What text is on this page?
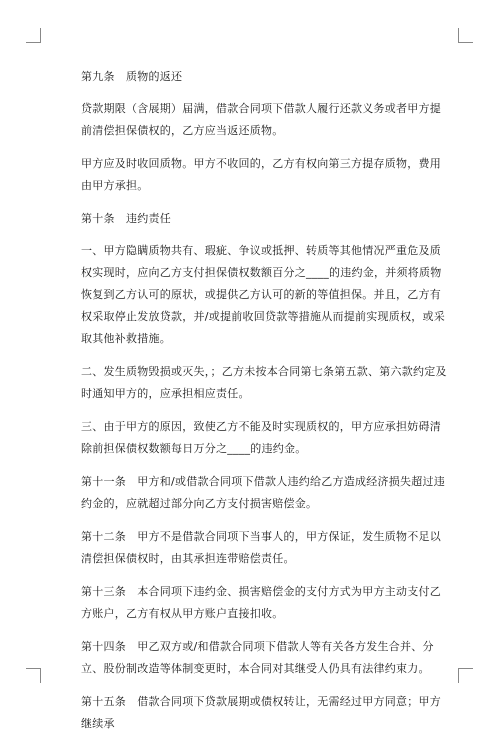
第九条　质物的返还

贷款期限（含展期）届满，借款合同项下借款人履行还款义务或者甲方提前清偿担保债权的，乙方应当返还质物。

甲方应及时收回质物。甲方不收回的，乙方有权向第三方提存质物，费用由甲方承担。

第十条　违约责任

一、甲方隐瞒质物共有、瑕疵、争议或抵押、转质等其他情况严重危及质权实现时，应向乙方支付担保债权数额百分之____的违约金，并须将质物恢复到乙方认可的原状，或提供乙方认可的新的等值担保。并且，乙方有权采取停止发放贷款，并/或提前收回贷款等措施从而提前实现质权，或采取其他补救措施。

二、发生质物毁损或灭失，；乙方未按本合同第七条第五款、第六款约定及时通知甲方的，应承担相应责任。

三、由于甲方的原因，致使乙方不能及时实现质权的，甲方应承担妨碍清除前担保债权数额每日万分之____的违约金。

第十一条　甲方和/或借款合同项下借款人违约给乙方造成经济损失超过违约金的，应就超过部分向乙方支付损害赔偿金。

第十二条　甲方不是借款合同项下当事人的，甲方保证，发生质物不足以清偿担保债权时，由其承担连带赔偿责任。

第十三条　本合同项下违约金、损害赔偿金的支付方式为甲方主动支付乙方账户，乙方有权从甲方账户直接扣收。

第十四条　甲乙双方或/和借款合同项下借款人等有关各方发生合并、分立、股份制改造等体制变更时，本合同对其继受人仍具有法律约束力。

第十五条　借款合同项下贷款展期或债权转让，无需经过甲方同意；甲方继续承
